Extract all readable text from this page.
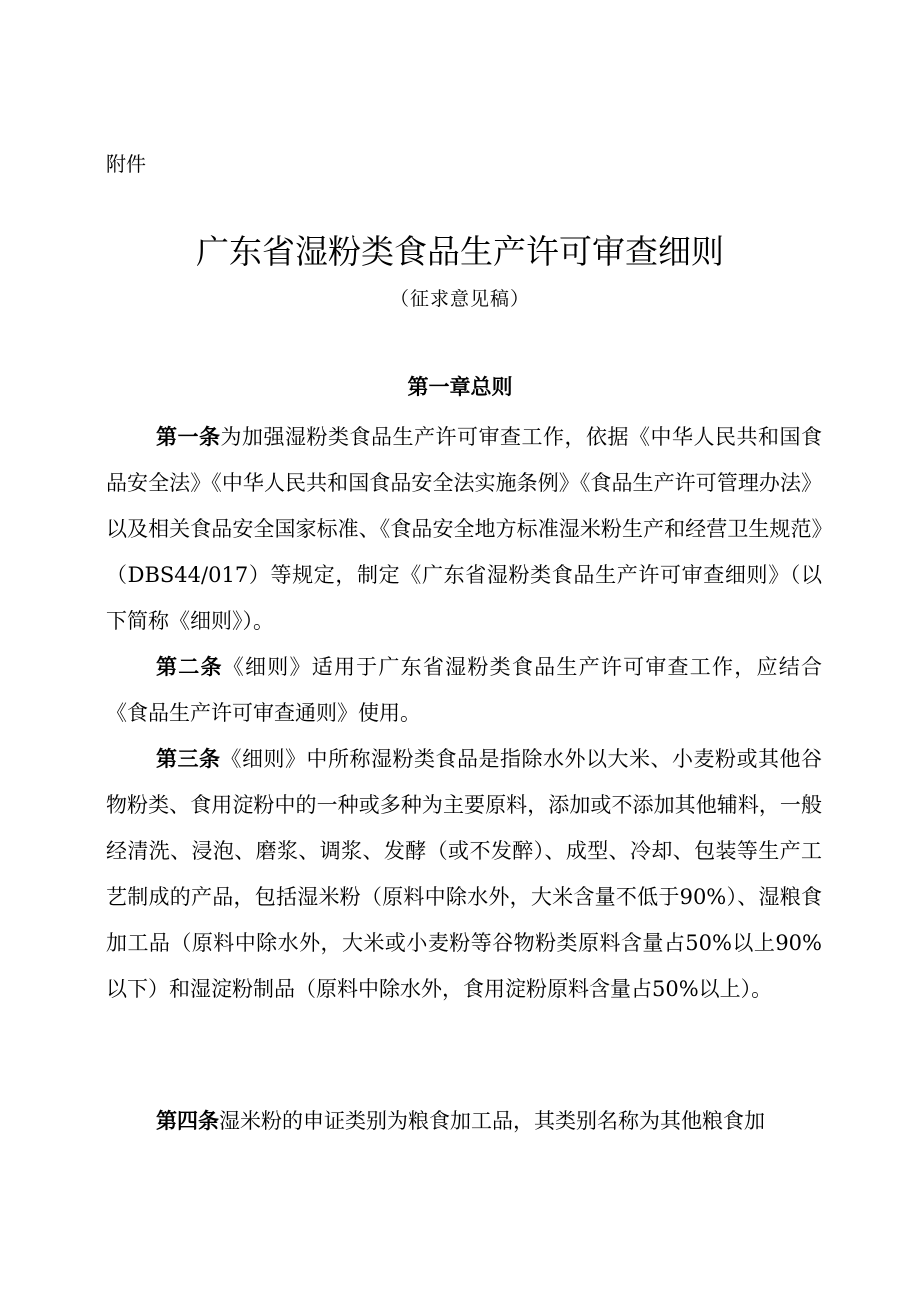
附件

广东省湿粉类食品生产许可审查细则

（征求意见稿）

第一章总则

第一条为加强湿粉类食品生产许可审查工作，依据《中华人民共和国食品安全法》《中华人民共和国食品安全法实施条例》《食品生产许可管理办法》以及相关食品安全国家标准、《食品安全地方标准湿米粉生产和经营卫生规范》（DBS44/017）等规定，制定《广东省湿粉类食品生产许可审查细则》（以下简称《细则》）。

第二条《细则》适用于广东省湿粉类食品生产许可审查工作，应结合《食品生产许可审查通则》使用。

第三条《细则》中所称湿粉类食品是指除水外以大米、小麦粉或其他谷物粉类、食用淀粉中的一种或多种为主要原料，添加或不添加其他辅料，一般经清洗、浸泡、磨浆、调浆、发酵（或不发醉）、成型、冷却、包装等生产工艺制成的产品，包括湿米粉（原料中除水外，大米含量不低于90%）、湿粮食加工品（原料中除水外，大米或小麦粉等谷物粉类原料含量占50%以上90%以下）和湿淀粉制品（原料中除水外，食用淀粉原料含量占50%以上）。

第四条湿米粉的申证类别为粮食加工品，其类别名称为其他粮食加
